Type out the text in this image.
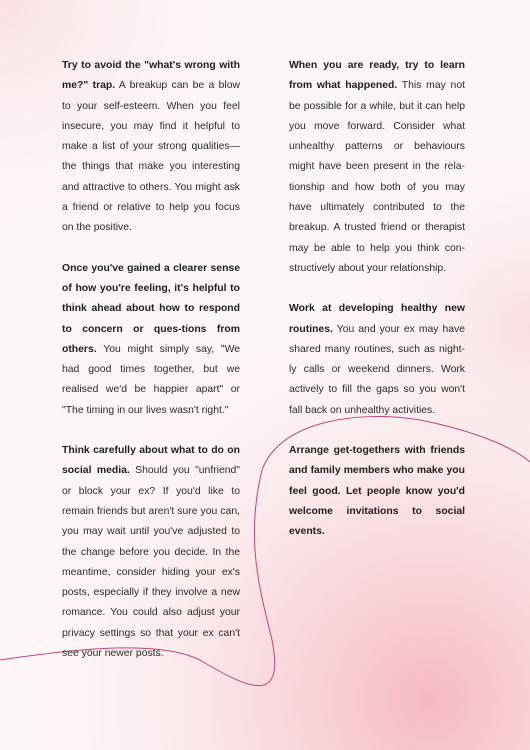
Try to avoid the "what's wrong with me?" trap. A breakup can be a blow to your self-esteem. When you feel insecure, you may find it helpful to make a list of your strong qualities—the things that make you interesting and attractive to others. You might ask a friend or relative to help you focus on the positive.

Once you've gained a clearer sense of how you're feeling, it's helpful to think ahead about how to respond to concern or ques-tions from others. You might simply say, "We had good times together, but we realised we'd be happier apart" or "The timing in our lives wasn't right."

Think carefully about what to do on social media. Should you "unfriend" or block your ex? If you'd like to remain friends but aren't sure you can, you may wait until you've adjusted to the change before you decide. In the meantime, consider hiding your ex's posts, especially if they involve a new romance. You could also adjust your privacy settings so that your ex can't see your newer posts.

When you are ready, try to learn from what happened. This may not be possible for a while, but it can help you move forward. Consider what unhealthy patterns or behaviours might have been present in the rela-tionship and how both of you may have ultimately contributed to the breakup. A trusted friend or therapist may be able to help you think con-structively about your relationship.

Work at developing healthy new routines. You and your ex may have shared many routines, such as night-ly calls or weekend dinners. Work actively to fill the gaps so you won't fall back on unhealthy activities.

Arrange get-togethers with friends and family members who make you feel good. Let people know you'd welcome invitations to social events.
